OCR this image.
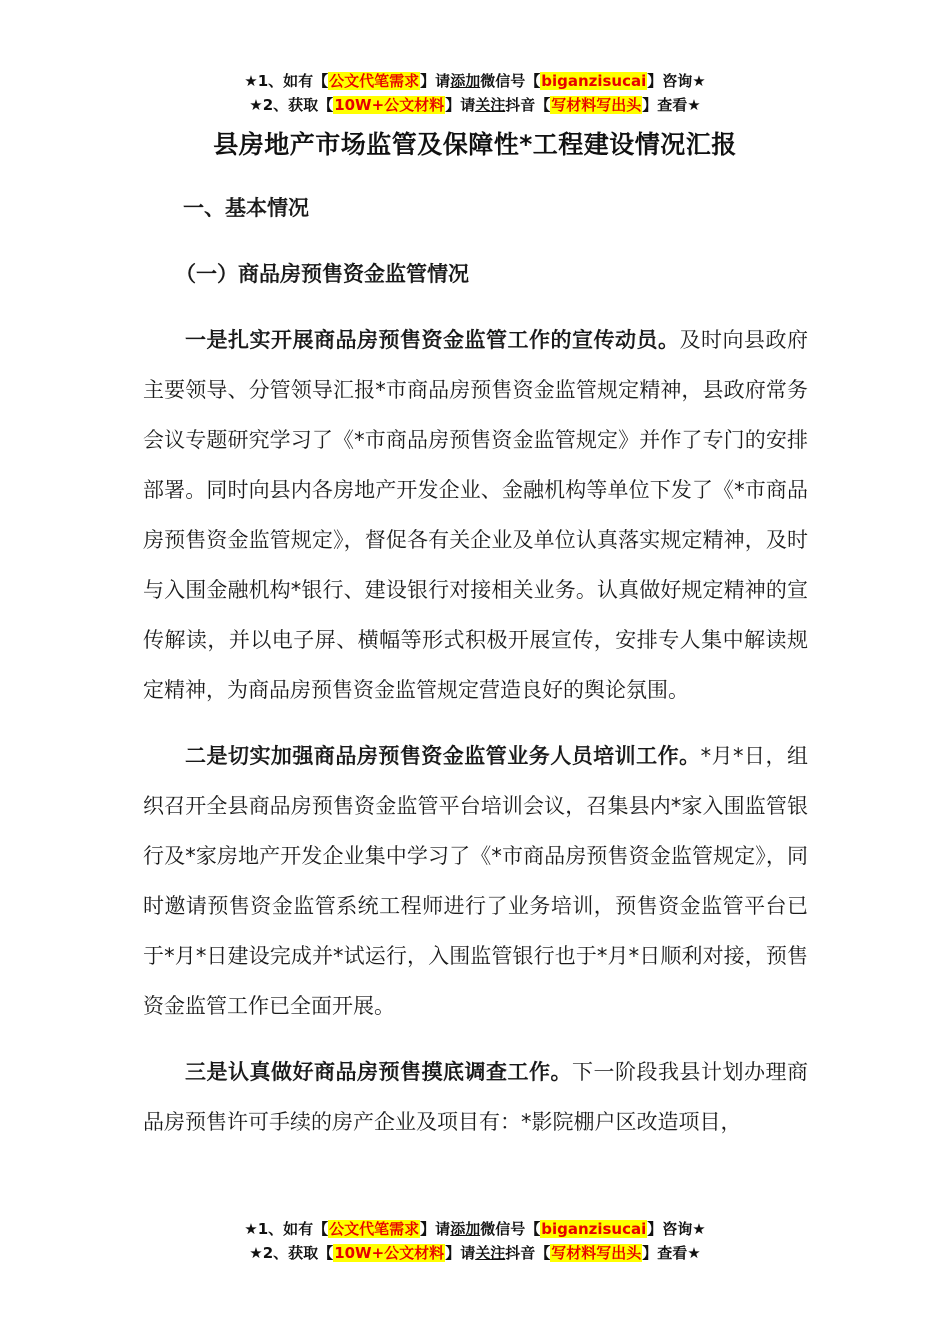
★1、如有【公文代笔需求】请添加微信号【biganzisucai】咨询★
★2、获取【10W+公文材料】请关注抖音【写材料写出头】查看★
县房地产市场监管及保障性*工程建设情况汇报

一、基本情况

（一）商品房预售资金监管情况

一是扎实开展商品房预售资金监管工作的宣传动员。及时向县政府主要领导、分管领导汇报*市商品房预售资金监管规定精神，县政府常务会议专题研究学习了《*市商品房预售资金监管规定》并作了专门的安排部署。同时向县内各房地产开发企业、金融机构等单位下发了《*市商品房预售资金监管规定》，督促各有关企业及单位认真落实规定精神，及时与入围金融机构*银行、建设银行对接相关业务。认真做好规定精神的宣传解读，并以电子屏、横幅等形式积极开展宣传，安排专人集中解读规定精神，为商品房预售资金监管规定营造良好的舆论氛围。

二是切实加强商品房预售资金监管业务人员培训工作。*月*日，组织召开全县商品房预售资金监管平台培训会议，召集县内*家入围监管银行及*家房地产开发企业集中学习了《*市商品房预售资金监管规定》，同时邀请预售资金监管系统工程师进行了业务培训，预售资金监管平台已于*月*日建设完成并*试运行，入围监管银行也于*月*日顺利对接，预售资金监管工作已全面开展。

三是认真做好商品房预售摸底调查工作。下一阶段我县计划办理商品房预售许可手续的房产企业及项目有：*影院棚户区改造项目，

★1、如有【公文代笔需求】请添加微信号【biganzisucai】咨询★
★2、获取【10W+公文材料】请关注抖音【写材料写出头】查看★
